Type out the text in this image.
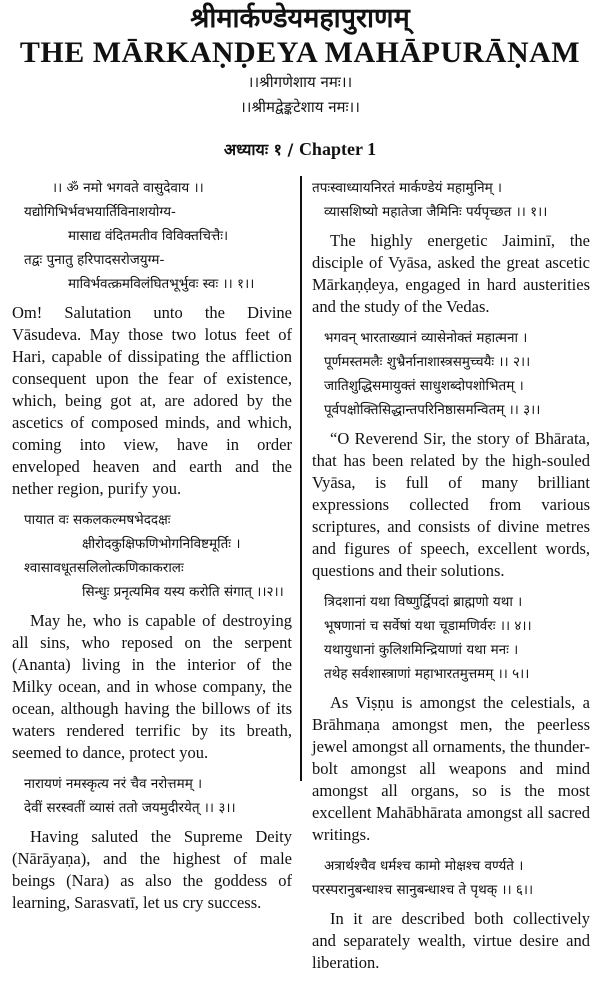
श्रीमार्कण्डेयमहापुराणम्
THE MĀRKAṆḌEYA MAHĀPURĀṆAM
।।श्रीगणेशाय नमः।।
।।श्रीमद्वेङ्कटेशाय नमः।।
अध्यायः १ / Chapter 1
।। ॐ नमो भगवते वासुदेवाय ।।
यद्योगिभिर्भवभयार्तिविनाशयोग्य-
मासाद्य वंदितमतीव विविक्तचित्तैः।
तद्वः पुनातु हरिपादसरोजयुग्म-
माविर्भवत्क्रमविलंघितभूर्भुवः स्वः ।। १।।
Om! Salutation unto the Divine Vāsudeva. May those two lotus feet of Hari, capable of dissipating the affliction consequent upon the fear of existence, which, being got at, are adored by the ascetics of composed minds, and which, coming into view, have in order enveloped heaven and earth and the nether region, purify you.
पायात वः सकलकल्मषभेददक्षः
क्षीरोदकुक्षिफणिभोगनिविष्टमूर्तिः ।
श्वासावधूतसलिलोत्कणिकाकरालः
सिन्धुः प्रनृत्यमिव यस्य करोति संगात् ।।२।।
May he, who is capable of destroying all sins, who reposed on the serpent (Ananta) living in the interior of the Milky ocean, and in whose company, the ocean, although having the billows of its waters rendered terrific by its breath, seemed to dance, protect you.
नारायणं नमस्कृत्य नरं चैव नरोत्तमम् ।
देवीं सरस्वतीं व्यासं ततो जयमुदीरयेत् ।। ३।।
Having saluted the Supreme Deity (Nārāyaṇa), and the highest of male beings (Nara) as also the goddess of learning, Sarasvatī, let us cry success.
तपःस्वाध्यायनिरतं मार्कण्डेयं महामुनिम् ।
व्यासशिष्यो महातेजा जैमिनिः पर्यपृच्छत ।। १।।
The highly energetic Jaiminī, the disciple of Vyāsa, asked the great ascetic Mārkaṇḍeya, engaged in hard austerities and the study of the Vedas.
भगवन् भारताख्यानं व्यासेनोक्तं महात्मना ।
पूर्णमस्तमलैः शुभ्रैर्नानाशास्त्रसमुच्चयैः ।। २।।
जातिशुद्धिसमायुक्तं साधुशब्दोपशोभितम् ।
पूर्वपक्षोक्तिसिद्धान्तपरिनिष्ठासमन्वितम् ।। ३।।
“O Reverend Sir, the story of Bhārata, that has been related by the high-souled Vyāsa, is full of many brilliant expressions collected from various scriptures, and consists of divine metres and figures of speech, excellent words, questions and their solutions.
त्रिदशानां यथा विष्णुर्द्विपदां ब्राह्मणो यथा ।
भूषणानां च सर्वेषां यथा चूडामणिर्वरः ।। ४।।
यथायुधानां कुलिशमिन्द्रियाणां यथा मनः ।
तथेह सर्वशास्त्राणां महाभारतमुत्तमम् ।। ५।।
As Viṣṇu is amongst the celestials, a Brāhmaṇa amongst men, the peerless jewel amongst all ornaments, the thunder-bolt amongst all weapons and mind amongst all organs, so is the most excellent Mahābhārata amongst all sacred writings.
अत्रार्थश्चैव धर्मश्च कामो मोक्षश्च वर्ण्यते ।
परस्परानुबन्धाश्च सानुबन्धाश्च ते पृथक् ।। ६।।
In it are described both collectively and separately wealth, virtue desire and liberation.
